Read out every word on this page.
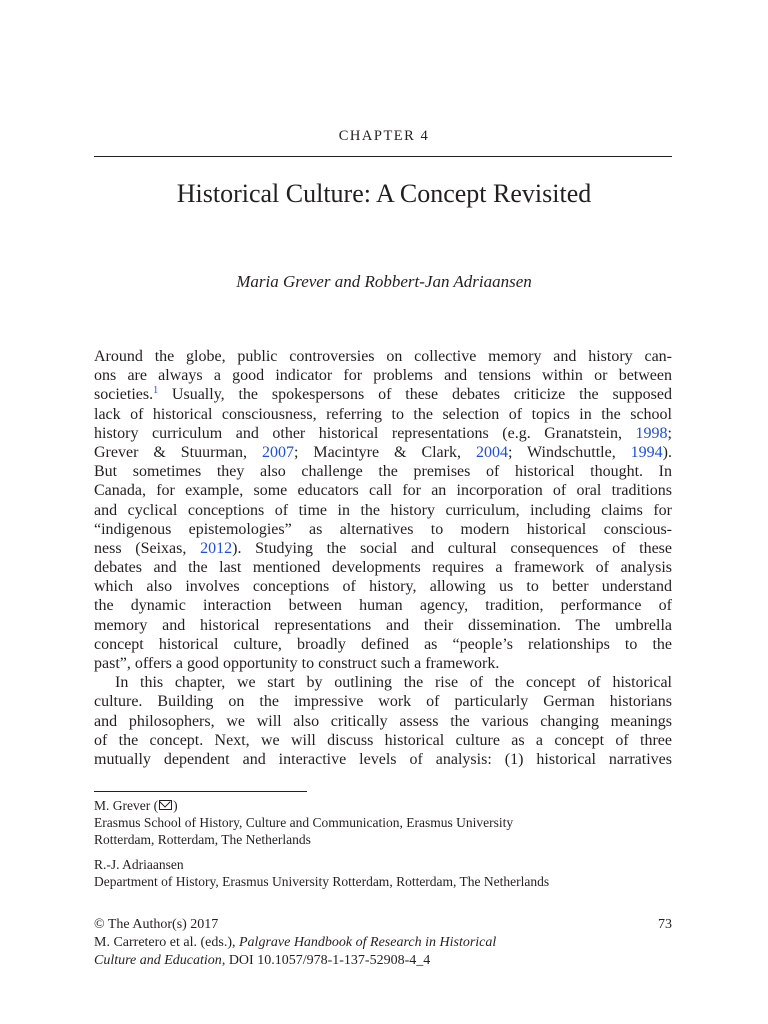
CHAPTER 4
Historical Culture: A Concept Revisited
Maria Grever and Robbert-Jan Adriaansen
Around the globe, public controversies on collective memory and history can-
ons are always a good indicator for problems and tensions within or between
societies.$^1$ Usually, the spokespersons of these debates criticize the supposed
lack of historical consciousness, referring to the selection of topics in the school
history curriculum and other historical representations (e.g. Granatstein, 1998;
Grever & Stuurman, 2007; Macintyre & Clark, 2004; Windschuttle, 1994).
But sometimes they also challenge the premises of historical thought. In
Canada, for example, some educators call for an incorporation of oral traditions
and cyclical conceptions of time in the history curriculum, including claims for
“indigenous epistemologies” as alternatives to modern historical conscious-
ness (Seixas, 2012). Studying the social and cultural consequences of these
debates and the last mentioned developments requires a framework of analysis
which also involves conceptions of history, allowing us to better understand
the dynamic interaction between human agency, tradition, performance of
memory and historical representations and their dissemination. The umbrella
concept historical culture, broadly defined as “people’s relationships to the
past”, offers a good opportunity to construct such a framework.
In this chapter, we start by outlining the rise of the concept of historical
culture. Building on the impressive work of particularly German historians
and philosophers, we will also critically assess the various changing meanings
of the concept. Next, we will discuss historical culture as a concept of three
mutually dependent and interactive levels of analysis: (1) historical narratives
M. Grever ( )
Erasmus School of History, Culture and Communication, Erasmus University
Rotterdam, Rotterdam, The Netherlands
R.-J. Adriaansen
Department of History, Erasmus University Rotterdam, Rotterdam, The Netherlands
© The Author(s) 2017	73
M. Carretero et al. (eds.), Palgrave Handbook of Research in Historical
Culture and Education, DOI 10.1057/978-1-137-52908-4_4
